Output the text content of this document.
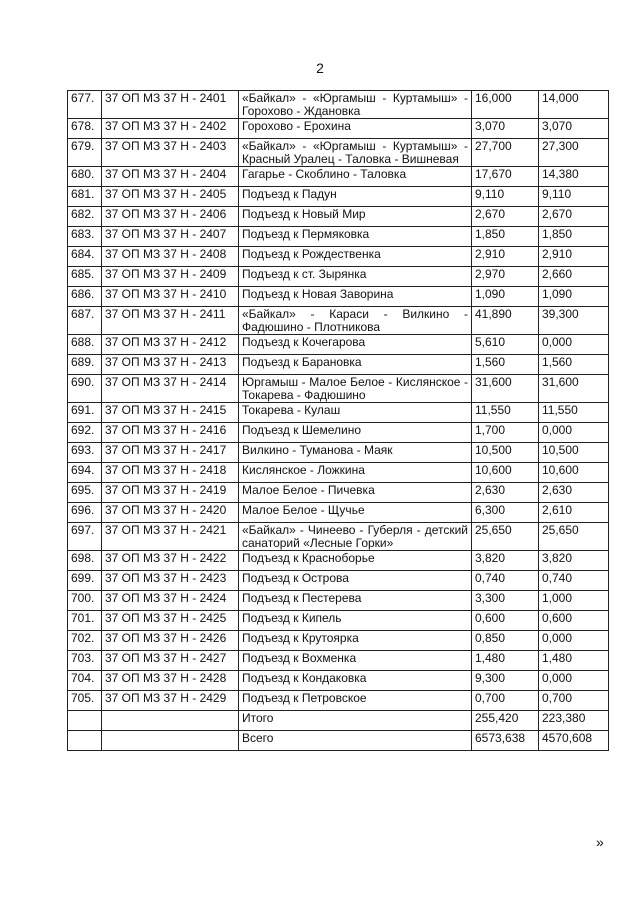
2
677.	37 ОП МЗ 37 Н - 2401	«Байкал» - «Юргамыш - Куртамыш» - Горохово - Ждановка	16,000	14,000
678.	37 ОП МЗ 37 Н - 2402	Горохово - Ерохина	3,070	3,070
679.	37 ОП МЗ 37 Н - 2403	«Байкал» - «Юргамыш - Куртамыш» - Красный Уралец - Таловка - Вишневая	27,700	27,300
680.	37 ОП МЗ 37 Н - 2404	Гагарье - Скоблино - Таловка	17,670	14,380
681.	37 ОП МЗ 37 Н - 2405	Подъезд к Падун	9,110	9,110
682.	37 ОП МЗ 37 Н - 2406	Подъезд к Новый Мир	2,670	2,670
683.	37 ОП МЗ 37 Н - 2407	Подъезд к Пермяковка	1,850	1,850
684.	37 ОП МЗ 37 Н - 2408	Подъезд к Рождественка	2,910	2,910
685.	37 ОП МЗ 37 Н - 2409	Подъезд к ст. Зырянка	2,970	2,660
686.	37 ОП МЗ 37 Н - 2410	Подъезд к Новая Заворина	1,090	1,090
687.	37 ОП МЗ 37 Н - 2411	«Байкал» - Караси - Вилкино - Фадюшино - Плотникова	41,890	39,300
688.	37 ОП МЗ 37 Н - 2412	Подъезд к Кочегарова	5,610	0,000
689.	37 ОП МЗ 37 Н - 2413	Подъезд к Барановка	1,560	1,560
690.	37 ОП МЗ 37 Н - 2414	Юргамыш - Малое Белое - Кислянское - Токарева - Фадюшино	31,600	31,600
691.	37 ОП МЗ 37 Н - 2415	Токарева - Кулаш	11,550	11,550
692.	37 ОП МЗ 37 Н - 2416	Подъезд к Шемелино	1,700	0,000
693.	37 ОП МЗ 37 Н - 2417	Вилкино - Туманова - Маяк	10,500	10,500
694.	37 ОП МЗ 37 Н - 2418	Кислянское - Ложкина	10,600	10,600
695.	37 ОП МЗ 37 Н - 2419	Малое Белое - Пичевка	2,630	2,630
696.	37 ОП МЗ 37 Н - 2420	Малое Белое - Щучье	6,300	2,610
697.	37 ОП МЗ 37 Н - 2421	«Байкал» - Чинеево - Губерля - детский санаторий «Лесные Горки»	25,650	25,650
698.	37 ОП МЗ 37 Н - 2422	Подъезд к Красноборье	3,820	3,820
699.	37 ОП МЗ 37 Н - 2423	Подъезд к Острова	0,740	0,740
700.	37 ОП МЗ 37 Н - 2424	Подъезд к Пестерева	3,300	1,000
701.	37 ОП МЗ 37 Н - 2425	Подъезд к Кипель	0,600	0,600
702.	37 ОП МЗ 37 Н - 2426	Подъезд к Крутоярка	0,850	0,000
703.	37 ОП МЗ 37 Н - 2427	Подъезд к Вохменка	1,480	1,480
704.	37 ОП МЗ 37 Н - 2428	Подъезд к Кондаковка	9,300	0,000
705.	37 ОП МЗ 37 Н - 2429	Подъезд к Петровское	0,700	0,700
		Итого	255,420	223,380
		Всего	6573,638	4570,608
»
